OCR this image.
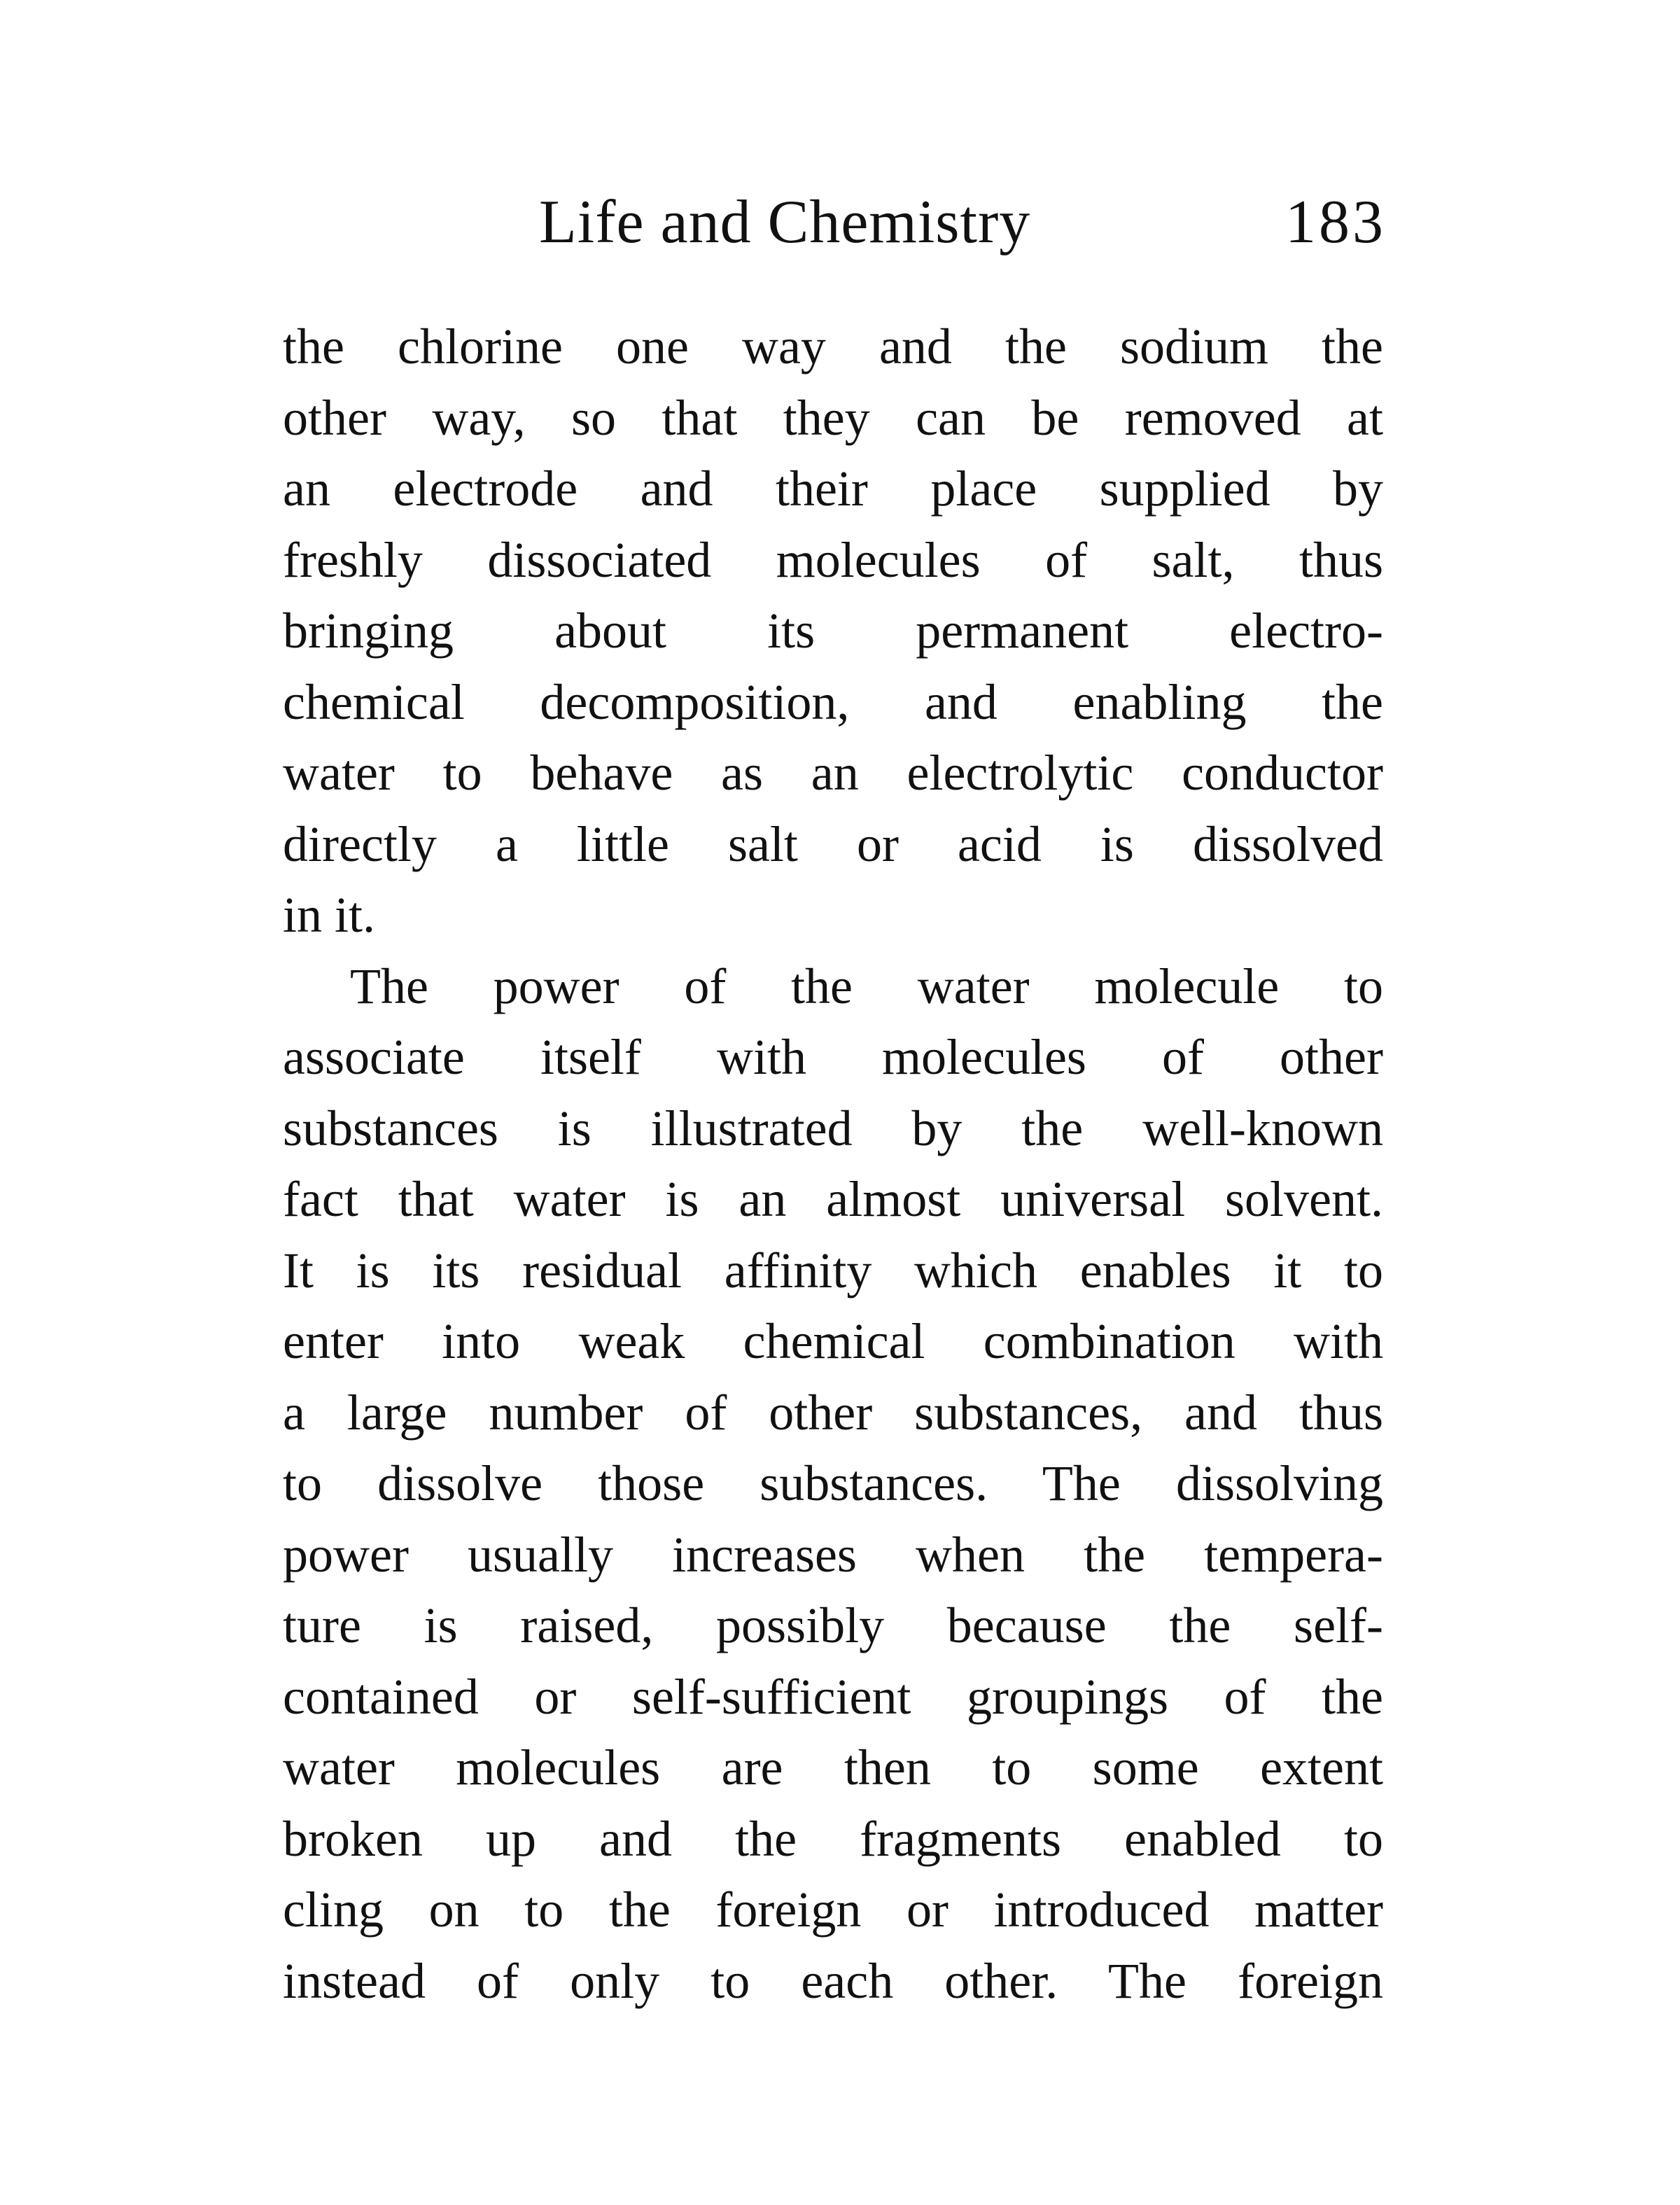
Life and Chemistry	183
the chlorine one way and the sodium the
other way, so that they can be removed at
an electrode and their place supplied by
freshly dissociated molecules of salt, thus
bringing about its permanent electro-
chemical decomposition, and enabling the
water to behave as an electrolytic conductor
directly a little salt or acid is dissolved
in it.
The power of the water molecule to
associate itself with molecules of other
substances is illustrated by the well-known
fact that water is an almost universal solvent.
It is its residual affinity which enables it to
enter into weak chemical combination with
a large number of other substances, and thus
to dissolve those substances. The dissolving
power usually increases when the tempera-
ture is raised, possibly because the self-
contained or self-sufficient groupings of the
water molecules are then to some extent
broken up and the fragments enabled to
cling on to the foreign or introduced matter
instead of only to each other. The foreign
